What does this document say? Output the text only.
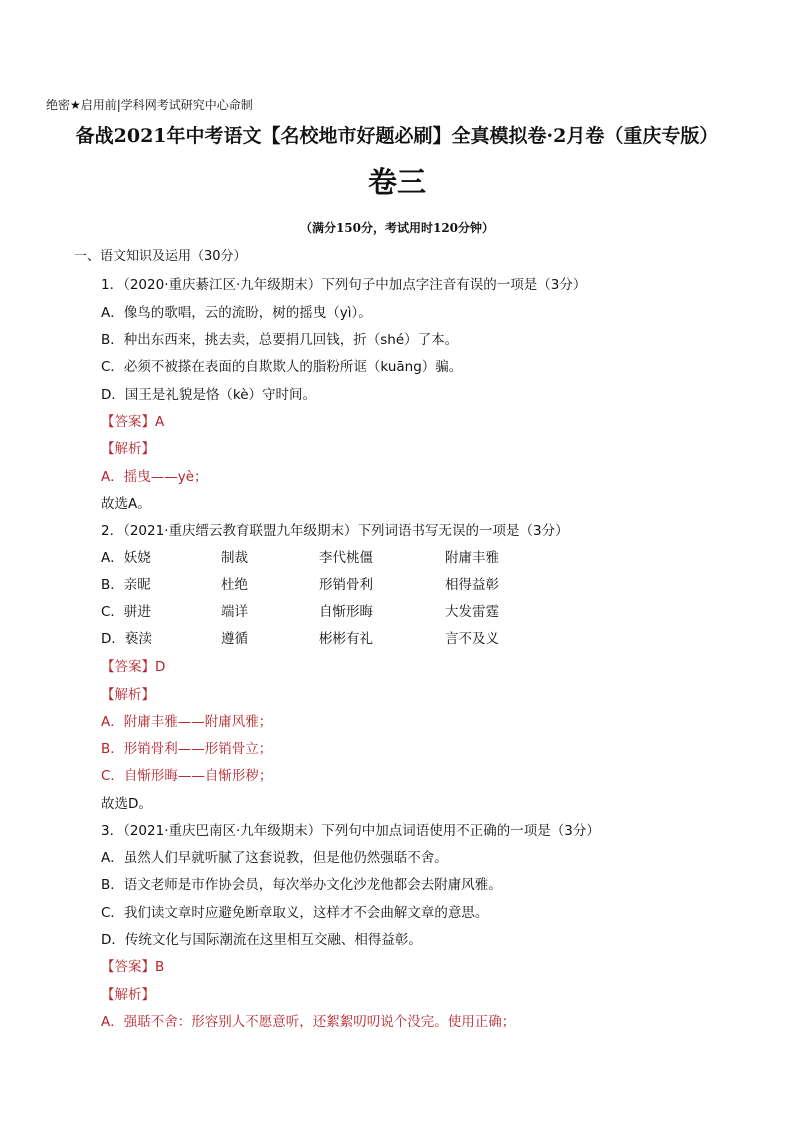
绝密★启用前|学科网考试研究中心命制
备战2021年中考语文【名校地市好题必刷】全真模拟卷·2月卷（重庆专版）
卷三
（满分150分，考试用时120分钟）
一、语文知识及运用（30分）
1．（2020·重庆綦江区·九年级期末）下列句子中加点字注音有误的一项是（3分）
A．像鸟的歌唱，云的流盼，树的摇曳（yì）。
B．种出东西来，挑去卖，总要捐几回钱，折（shé）了本。
C．必须不被搽在表面的自欺欺人的脂粉所诓（kuāng）骗。
D．国王是礼貌是恪（kè）守时间。
【答案】A
【解析】
A．摇曳——yè；
故选A。
2．（2021·重庆缙云教育联盟九年级期末）下列词语书写无误的一项是（3分）
A．妖娆	制裁	李代桃僵	附庸丰雅
B．亲昵	杜绝	形销骨利	相得益彰
C．骈进	端详	自惭形晦	大发雷霆
D．亵渎	遵循	彬彬有礼	言不及义
【答案】D
【解析】
A．附庸丰雅——附庸风雅；
B．形销骨利——形销骨立；
C．自惭形晦——自惭形秽；
故选D。
3．（2021·重庆巴南区·九年级期末）下列句中加点词语使用不正确的一项是（3分）
A．虽然人们早就听腻了这套说教，但是他仍然强聒不舍。
B．语文老师是市作协会员，每次举办文化沙龙他都会去附庸风雅。
C．我们读文章时应避免断章取义，这样才不会曲解文章的意思。
D．传统文化与国际潮流在这里相互交融、相得益彰。
【答案】B
【解析】
A．强聒不舍：形容别人不愿意听，还絮絮叨叨说个没完。使用正确；
